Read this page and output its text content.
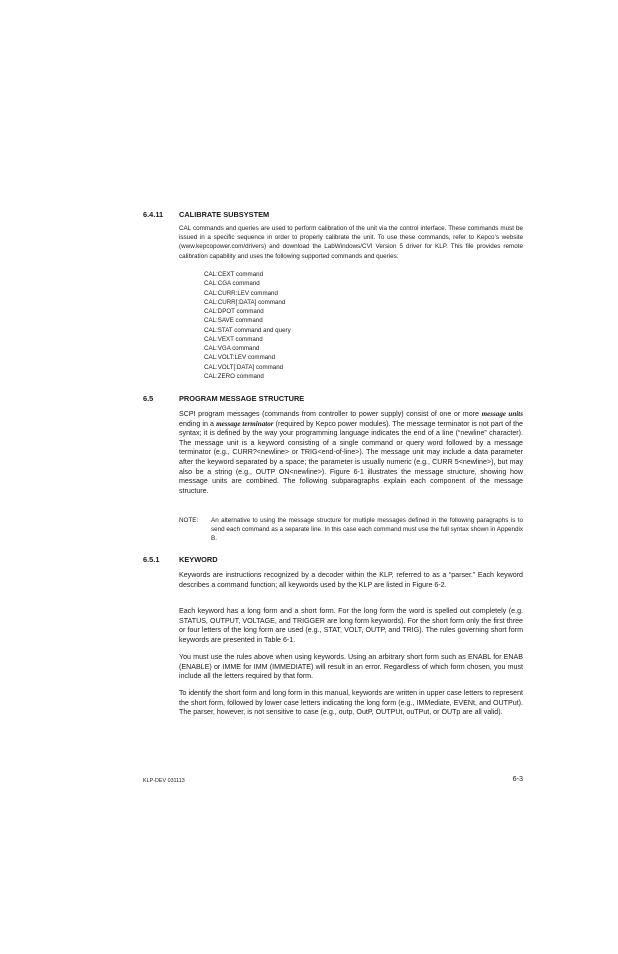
6.4.11 CALIBRATE SUBSYSTEM

CAL commands and queries are used to perform calibration of the unit via the control interface. These commands must be issued in a specific sequence in order to properly calibrate the unit. To use these commands, refer to Kepco’s website (www.kepcopower.com/drivers) and download the LabWindows/CVI Version 5 driver for KLP. This file provides remote calibration capability and uses the following supported commands and queries:

CAL:CEXT command
CAL:CGA command
CAL:CURR:LEV command
CAL:CURR[:DATA] command
CAL:DPOT command
CAL:SAVE command
CAL:STAT command and query
CAL:VEXT command
CAL:VGA command
CAL:VOLT:LEV command
CAL:VOLT[:DATA] command
CAL:ZERO command
6.5	PROGRAM MESSAGE STRUCTURE

SCPI program messages (commands from controller to power supply) consist of one or more message units ending in a message terminator (required by Kepco power modules). The message terminator is not part of the syntax; it is defined by the way your programming language indicates the end of a line (“newline” character). The message unit is a keyword consisting of a single command or query word followed by a message terminator (e.g., CURR?<newline> or TRIG<end-of-line>). The message unit may include a data parameter after the keyword separated by a space; the parameter is usually numeric (e.g., CURR 5<newline>), but may also be a string (e.g., OUTP ON<newline>). Figure 6-1 illustrates the message structure, showing how message units are combined. The following subparagraphs explain each component of the message structure.

NOTE: An alternative to using the message structure for multiple messages defined in the following paragraphs is to send each command as a separate line. In this case each command must use the full syntax shown in Appendix B.

6.5.1	KEYWORD

Keywords are instructions recognized by a decoder within the KLP, referred to as a “parser.” Each keyword describes a command function; all keywords used by the KLP are listed in Figure 6-2.

Each keyword has a long form and a short form. For the long form the word is spelled out completely (e.g. STATUS, OUTPUT, VOLTAGE, and TRIGGER are long form keywords). For the short form only the first three or four letters of the long form are used (e.g., STAT, VOLT, OUTP, and TRIG). The rules governing short form keywords are presented in Table 6-1.

You must use the rules above when using keywords. Using an arbitrary short form such as ENABL for ENAB (ENABLE) or IMME for IMM (IMMEDIATE) will result in an error. Regardless of which form chosen, you must include all the letters required by that form.

To identify the short form and long form in this manual, keywords are written in upper case letters to represent the short form, followed by lower case letters indicating the long form (e.g., IMMediate, EVENt, and OUTPut). The parser, however, is not sensitive to case (e.g., outp, OutP, OUTPUt, ouTPut, or OUTp are all valid).

KLP-DEV 031113	6-3
